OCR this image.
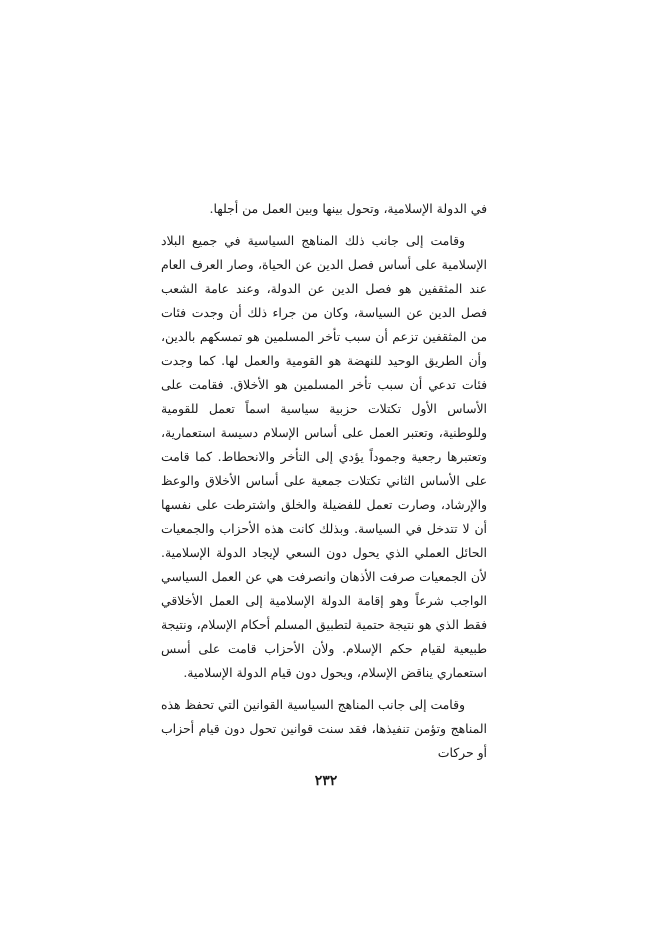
في الدولة الإسلامية، وتحول بينها وبين العمل من أجلها.

وقامت إلى جانب ذلك المناهج السياسية في جميع البلاد الإسلامية على أساس فصل الدين عن الحياة، وصار العرف العام عند المثقفين هو فصل الدين عن الدولة، وعند عامة الشعب فصل الدين عن السياسة، وكان من جراء ذلك أن وجدت فئات من المثقفين تزعم أن سبب تأخر المسلمين هو تمسكهم بالدين، وأن الطريق الوحيد للنهضة هو القومية والعمل لها. كما وجدت فئات تدعي أن سبب تأخر المسلمين هو الأخلاق. فقامت على الأساس الأول تكتلات حزبية سياسية اسماً تعمل للقومية وللوطنية، وتعتبر العمل على أساس الإسلام دسيسة استعمارية، وتعتبرها رجعية وجموداً يؤدي إلى التأخر والانحطاط. كما قامت على الأساس الثاني تكتلات جمعية على أساس الأخلاق والوعظ والإرشاد، وصارت تعمل للفضيلة والخلق واشترطت على نفسها أن لا تتدخل في السياسة. وبذلك كانت هذه الأحزاب والجمعيات الحائل العملي الذي يحول دون السعي لإيجاد الدولة الإسلامية. لأن الجمعيات صرفت الأذهان وانصرفت هي عن العمل السياسي الواجب شرعاً وهو إقامة الدولة الإسلامية إلى العمل الأخلاقي فقط الذي هو نتيجة حتمية لتطبيق المسلم أحكام الإسلام، ونتيجة طبيعية لقيام حكم الإسلام. ولأن الأحزاب قامت على أسس استعماري يناقض الإسلام، ويحول دون قيام الدولة الإسلامية.

وقامت إلى جانب المناهج السياسية القوانين التي تحفظ هذه المناهج وتؤمن تنفيذها، فقد سنت قوانين تحول دون قيام أحزاب أو حركات

٢٣٢
